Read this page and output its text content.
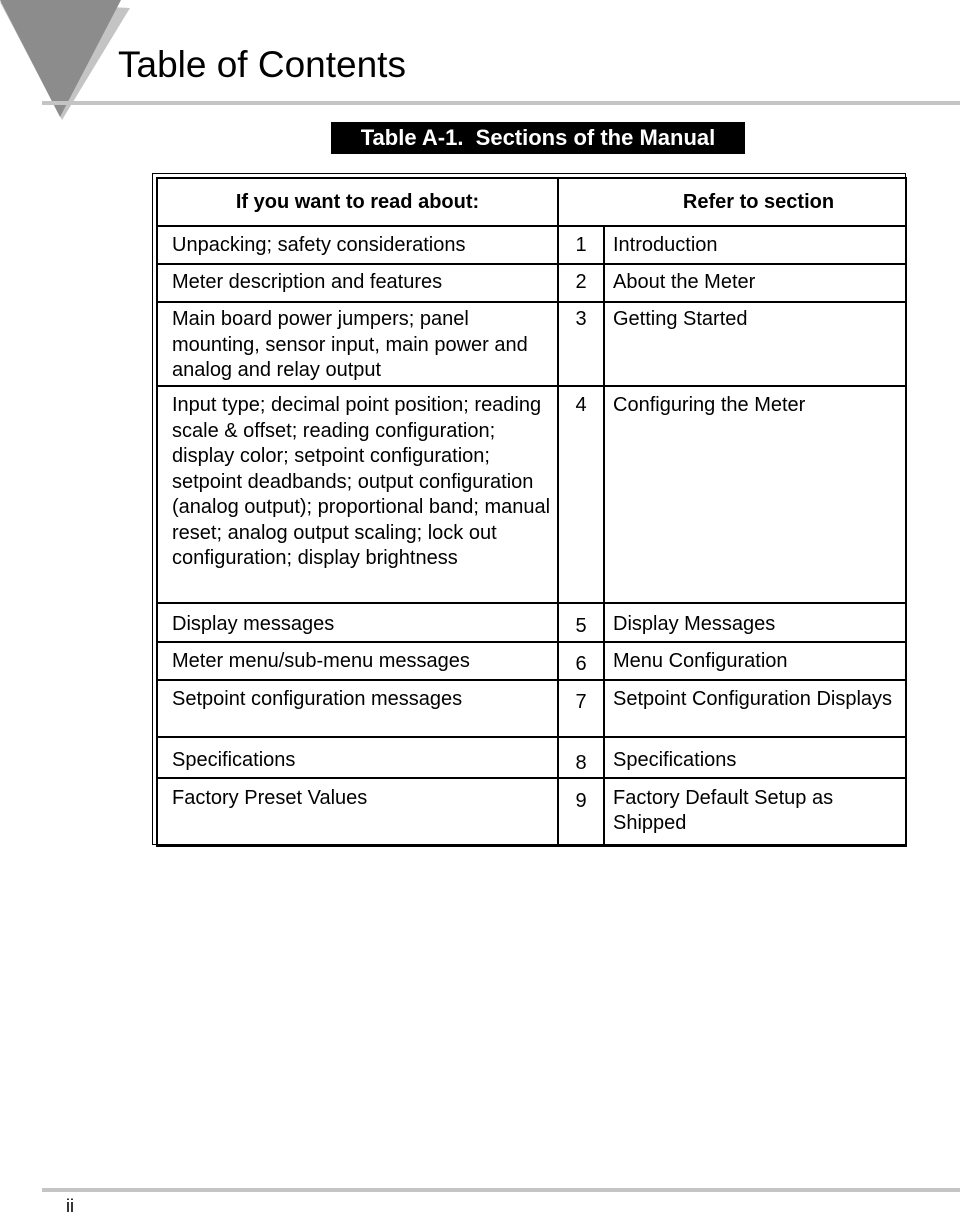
Table of Contents
Table A-1.  Sections of the Manual
If you want to read about:		Refer to section
Unpacking; safety considerations	1	Introduction
Meter description and features	2	About the Meter
Main board power jumpers; panel mounting, sensor input, main power and analog and relay output	3	Getting Started
Input type; decimal point position; reading scale & offset; reading configuration; display color; setpoint configuration; setpoint deadbands; output configuration (analog output); proportional band; manual reset; analog output scaling; lock out configuration; display brightness	4	Configuring the Meter
Display messages	5	Display Messages
Meter menu/sub-menu messages	6	Menu Configuration
Setpoint configuration messages	7	Setpoint Configuration Displays
Specifications	8	Specifications
Factory Preset Values	9	Factory Default Setup as Shipped
ii
